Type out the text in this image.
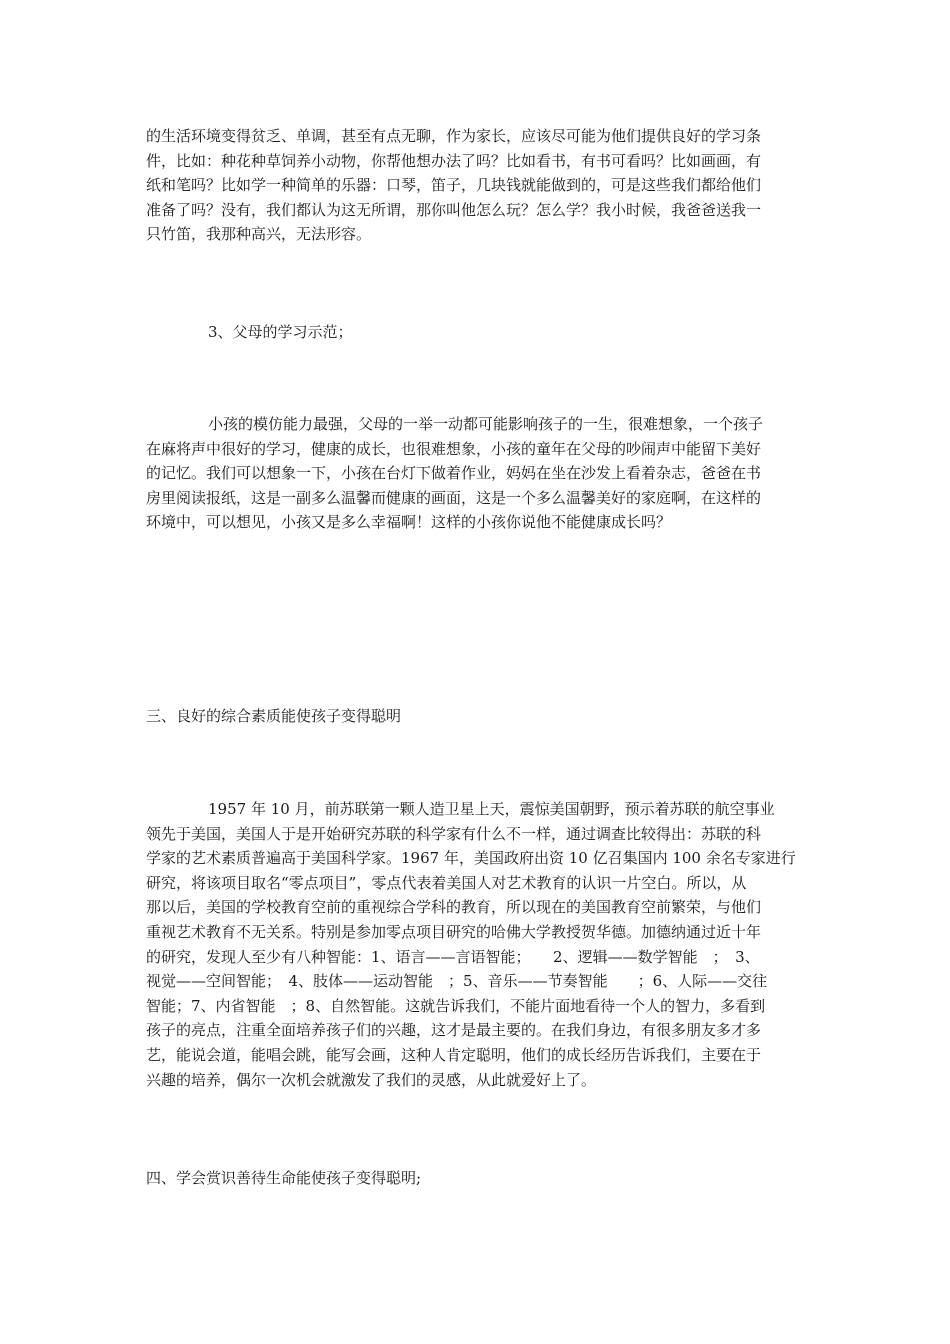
的生活环境变得贫乏、单调，甚至有点无聊，作为家长，应该尽可能为他们提供良好的学习条
件，比如：种花种草饲养小动物，你帮他想办法了吗？比如看书，有书可看吗？比如画画，有
纸和笔吗？比如学一种简单的乐器：口琴，笛子，几块钱就能做到的，可是这些我们都给他们
准备了吗？没有，我们都认为这无所谓，那你叫他怎么玩？怎么学？我小时候，我爸爸送我一
只竹笛，我那种高兴，无法形容。
3、父母的学习示范；
小孩的模仿能力最强，父母的一举一动都可能影响孩子的一生，很难想象，一个孩子
在麻将声中很好的学习，健康的成长，也很难想象，小孩的童年在父母的吵闹声中能留下美好
的记忆。我们可以想象一下，小孩在台灯下做着作业，妈妈在坐在沙发上看着杂志，爸爸在书
房里阅读报纸，这是一副多么温馨而健康的画面，这是一个多么温馨美好的家庭啊，在这样的
环境中，可以想见，小孩又是多么幸福啊！这样的小孩你说他不能健康成长吗？
三、良好的综合素质能使孩子变得聪明
1957 年 10 月，前苏联第一颗人造卫星上天，震惊美国朝野，预示着苏联的航空事业
领先于美国，美国人于是开始研究苏联的科学家有什么不一样，通过调查比较得出：苏联的科
学家的艺术素质普遍高于美国科学家。1967 年，美国政府出资 10 亿召集国内 100 余名专家进行
研究，将该项目取名“零点项目”，零点代表着美国人对艺术教育的认识一片空白。所以，从
那以后，美国的学校教育空前的重视综合学科的教育，所以现在的美国教育空前繁荣，与他们
重视艺术教育不无关系。特别是参加零点项目研究的哈佛大学教授贺华德。加德纳通过近十年
的研究，发现人至少有八种智能：1、语言——言语智能；　　2、逻辑——数学智能　；　3、
视觉——空间智能；　4、肢体——运动智能　；5、音乐——节奏智能　　；6、人际——交往
智能；7、内省智能　；8、自然智能。这就告诉我们，不能片面地看待一个人的智力，多看到
孩子的亮点，注重全面培养孩子们的兴趣，这才是最主要的。在我们身边，有很多朋友多才多
艺，能说会道，能唱会跳，能写会画，这种人肯定聪明，他们的成长经历告诉我们，主要在于
兴趣的培养，偶尔一次机会就激发了我们的灵感，从此就爱好上了。
四、学会赏识善待生命能使孩子变得聪明;
